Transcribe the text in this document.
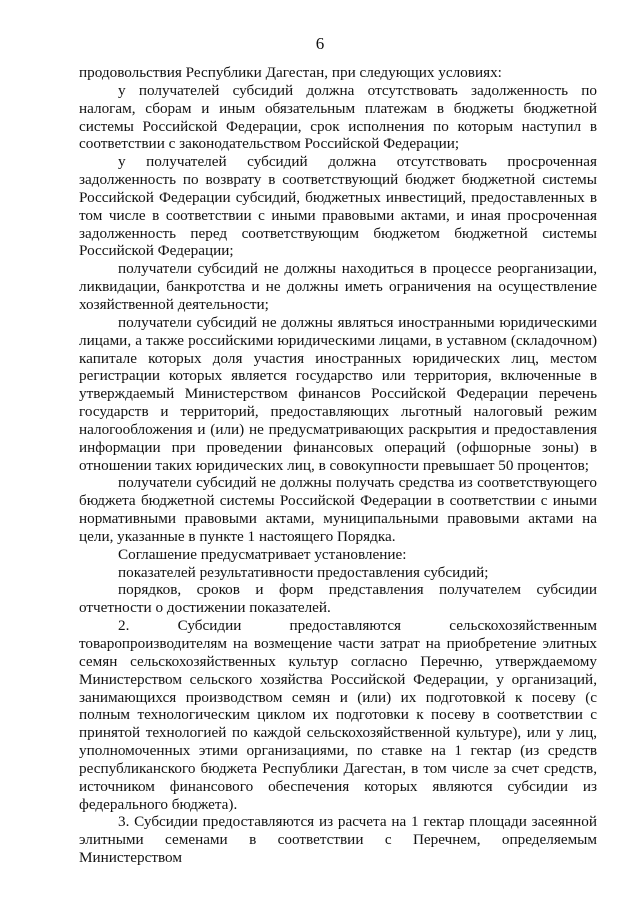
6

продовольствия Республики Дагестан, при следующих условиях:

у получателей субсидий должна отсутствовать задолженность по налогам, сборам и иным обязательным платежам в бюджеты бюджетной системы Российской Федерации, срок исполнения по которым наступил в соответствии с законодательством Российской Федерации;

у получателей субсидий должна отсутствовать просроченная задолженность по возврату в соответствующий бюджет бюджетной системы Российской Федерации субсидий, бюджетных инвестиций, предоставленных в том числе в соответствии с иными правовыми актами, и иная просроченная задолженность перед соответствующим бюджетом бюджетной системы Российской Федерации;

получатели субсидий не должны находиться в процессе реорганизации, ликвидации, банкротства и не должны иметь ограничения на осуществление хозяйственной деятельности;

получатели субсидий не должны являться иностранными юридическими лицами, а также российскими юридическими лицами, в уставном (складочном) капитале которых доля участия иностранных юридических лиц, местом регистрации которых является государство или территория, включенные в утверждаемый Министерством финансов Российской Федерации перечень государств и территорий, предоставляющих льготный налоговый режим налогообложения и (или) не предусматривающих раскрытия и предоставления информации при проведении финансовых операций (офшорные зоны) в отношении таких юридических лиц, в совокупности превышает 50 процентов;

получатели субсидий не должны получать средства из соответствующего бюджета бюджетной системы Российской Федерации в соответствии с иными нормативными правовыми актами, муниципальными правовыми актами на цели, указанные в пункте 1 настоящего Порядка.

Соглашение предусматривает установление:

показателей результативности предоставления субсидий;

порядков, сроков и форм представления получателем субсидии отчетности о достижении показателей.

2. Субсидии предоставляются сельскохозяйственным товаропроизводителям на возмещение части затрат на приобретение элитных семян сельскохозяйственных культур согласно Перечню, утверждаемому Министерством сельского хозяйства Российской Федерации, у организаций, занимающихся производством семян и (или) их подготовкой к посеву (с полным технологическим циклом их подготовки к посеву в соответствии с принятой технологией по каждой сельскохозяйственной культуре), или у лиц, уполномоченных этими организациями, по ставке на 1 гектар (из средств республиканского бюджета Республики Дагестан, в том числе за счет средств, источником финансового обеспечения которых являются субсидии из федерального бюджета).

3. Субсидии предоставляются из расчета на 1 гектар площади засеянной элитными семенами в соответствии с Перечнем, определяемым Министерством
